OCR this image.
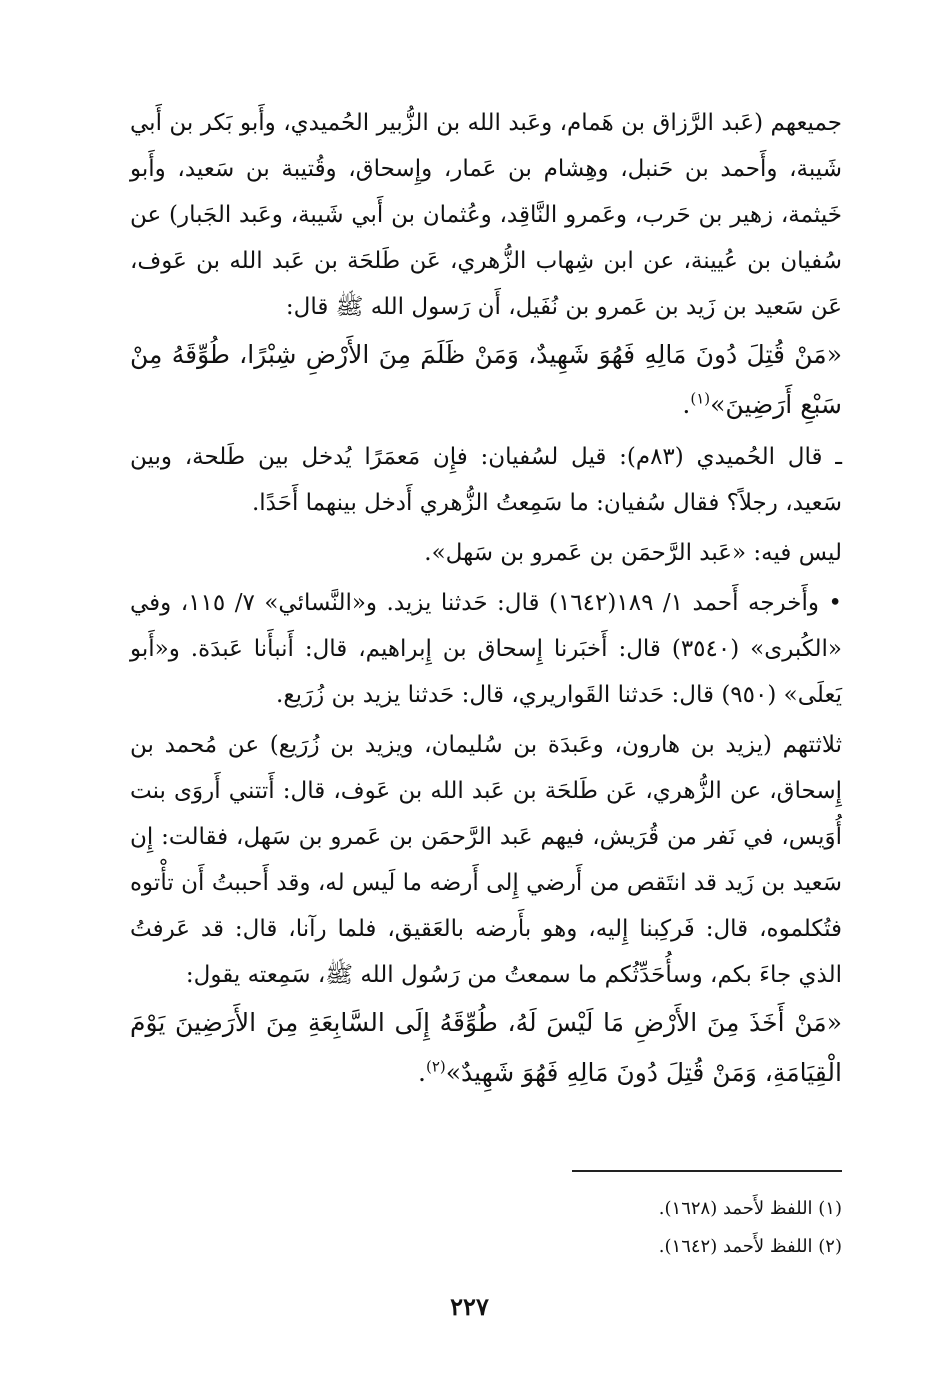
جميعهم (عَبد الرَّزاق بن هَمام، وعَبد الله بن الزُّبير الحُميدي، وأَبو بَكر بن أَبي شَيبة، وأَحمد بن حَنبل، وهِشام بن عَمار، وإِسحاق، وقُتيبة بن سَعيد، وأَبو خَيثمة، زهير بن حَرب، وعَمرو النَّاقِد، وعُثمان بن أَبي شَيبة، وعَبد الجَبار) عن سُفيان بن عُيينة، عن ابن شِهاب الزُّهري، عَن طَلحَة بن عَبد الله بن عَوف، عَن سَعيد بن زَيد بن عَمرو بن نُفَيل، أَن رَسول الله ﷺ قال:

«مَنْ قُتِلَ دُونَ مَالِهِ فَهُوَ شَهِيدٌ، وَمَنْ ظَلَمَ مِنَ الأَرْضِ شِبْرًا، طُوِّقَهُ مِنْ سَبْعِ أَرَضِينَ»$^{(١)}$.

ـ قال الحُميدي (٨٣م): قيل لسُفيان: فإِن مَعمَرًا يُدخل بين طَلحة، وبين سَعيد، رجلاً؟ فقال سُفيان: ما سَمِعتُ الزُّهري أَدخل بينهما أَحَدًا.

ليس فيه: «عَبد الرَّحمَن بن عَمرو بن سَهل».

• وأَخرجه أَحمد ١/ ١٨٩(١٦٤٢) قال: حَدثنا يزيد. و«النَّسائي» ٧/ ١١٥، وفي «الكُبرى» (٣٥٤٠) قال: أَخبَرنا إِسحاق بن إِبراهيم، قال: أَنبأَنا عَبدَة. و«أَبو يَعلَى» (٩٥٠) قال: حَدثنا القَواريري، قال: حَدثنا يزيد بن زُرَيع.

ثلاثتهم (يزيد بن هارون، وعَبدَة بن سُليمان، ويزيد بن زُرَيع) عن مُحمد بن إِسحاق، عن الزُّهري، عَن طَلحَة بن عَبد الله بن عَوف، قال: أَتتني أَروَى بنت أُوَيس، في نَفر من قُرَيش، فيهم عَبد الرَّحمَن بن عَمرو بن سَهل، فقالت: إِن سَعيد بن زَيد قد انتَقص من أَرضي إِلى أَرضه ما لَيس له، وقد أَحببتُ أَن تأْتوه فتُكلموه، قال: فَركِبنا إِليه، وهو بأَرضه بالعَقيق، فلما رآنا، قال: قد عَرفتُ الذي جاءَ بكم، وسأُحَدِّثُكم ما سمعتُ من رَسُول الله ﷺ، سَمِعته يقول:

«مَنْ أَخَذَ مِنَ الأَرْضِ مَا لَيْسَ لَهُ، طُوِّقَهُ إِلَى السَّابِعَةِ مِنَ الأَرَضِينَ يَوْمَ الْقِيَامَةِ، وَمَنْ قُتِلَ دُونَ مَالِهِ فَهُوَ شَهِيدٌ»$^{(٢)}$.

(١) اللفظ لأَحمد (١٦٢٨).

(٢) اللفظ لأَحمد (١٦٤٢).

٢٢٧
